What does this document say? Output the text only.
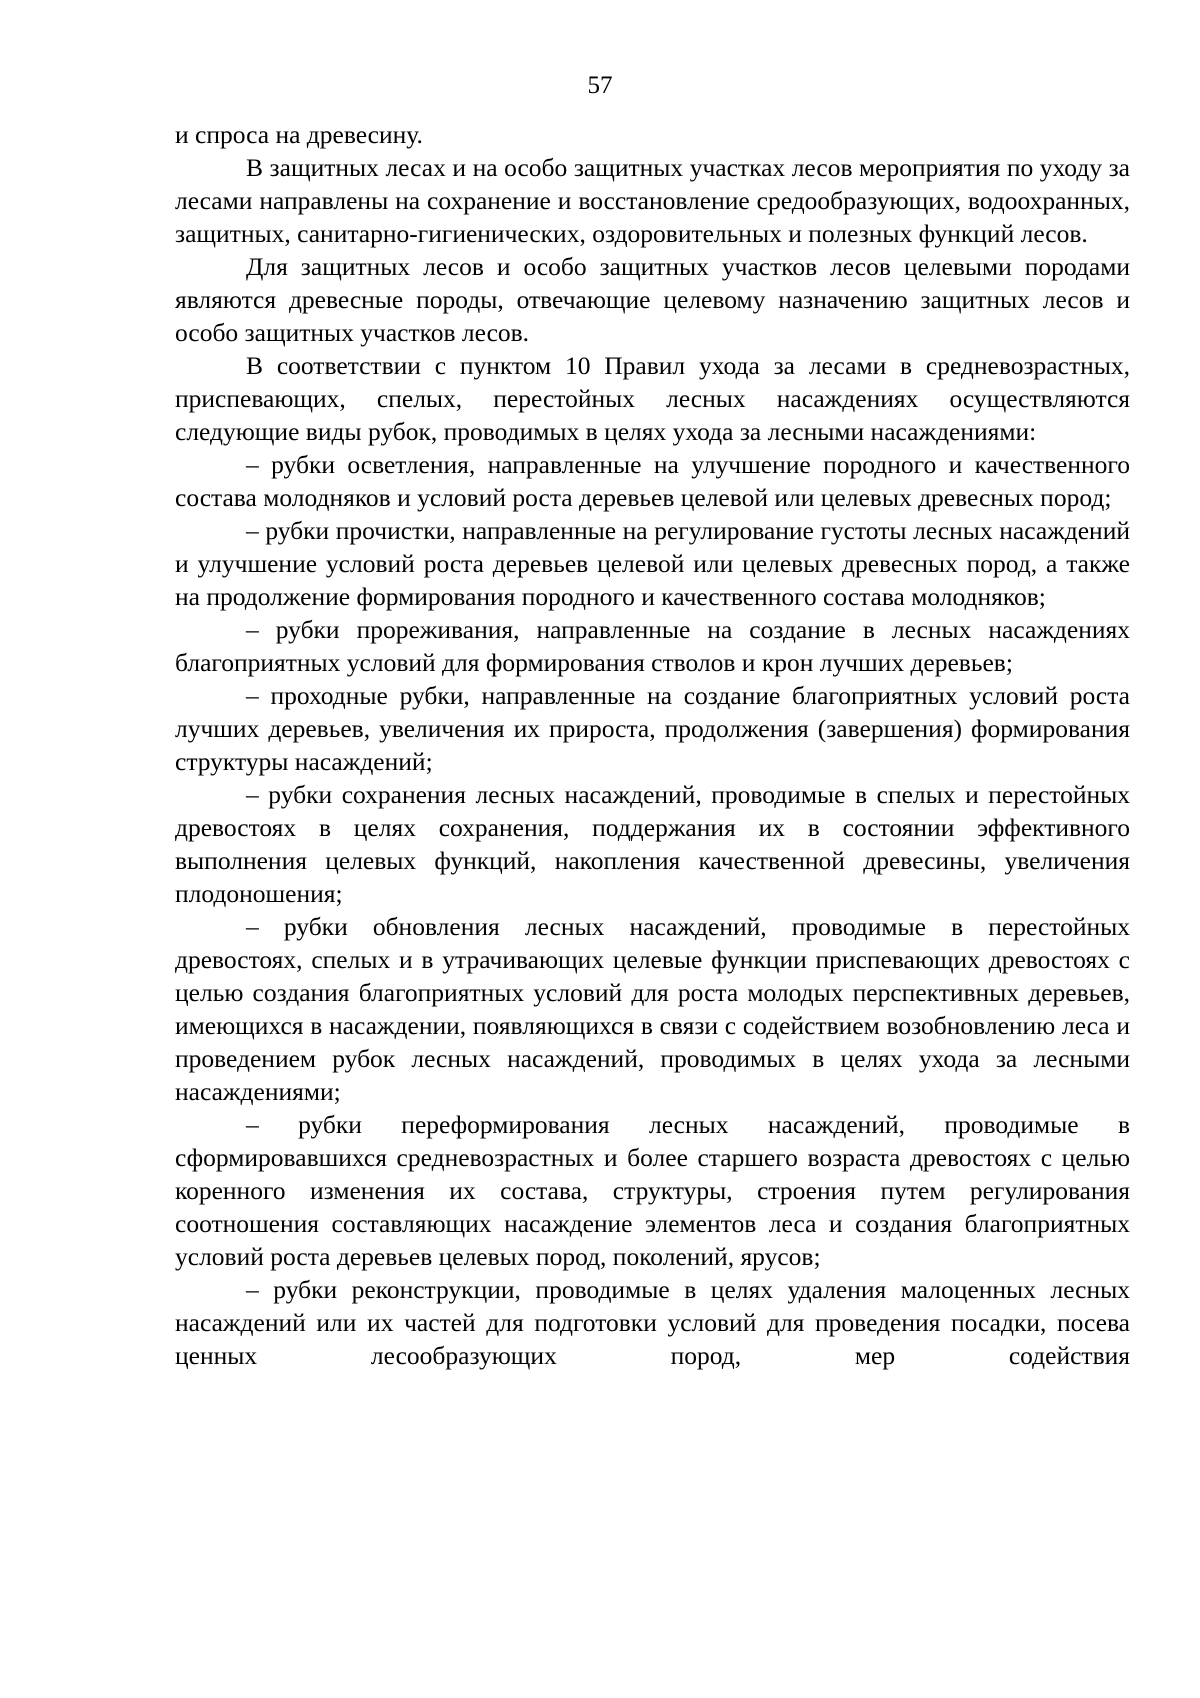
57

и спроса на древесину.

В защитных лесах и на особо защитных участках лесов мероприятия по уходу за лесами направлены на сохранение и восстановление средообразующих, водоохранных, защитных, санитарно-гигиенических, оздоровительных и полезных функций лесов.

Для защитных лесов и особо защитных участков лесов целевыми породами являются древесные породы, отвечающие целевому назначению защитных лесов и особо защитных участков лесов.

В соответствии с пунктом 10 Правил ухода за лесами в средневозрастных, приспевающих, спелых, перестойных лесных насаждениях осуществляются следующие виды рубок, проводимых в целях ухода за лесными насаждениями:

– рубки осветления, направленные на улучшение породного и качественного состава молодняков и условий роста деревьев целевой или целевых древесных пород;

– рубки прочистки, направленные на регулирование густоты лесных насаждений и улучшение условий роста деревьев целевой или целевых древесных пород, а также на продолжение формирования породного и качественного состава молодняков;

– рубки прореживания, направленные на создание в лесных насаждениях благоприятных условий для формирования стволов и крон лучших деревьев;

– проходные рубки, направленные на создание благоприятных условий роста лучших деревьев, увеличения их прироста, продолжения (завершения) формирования структуры насаждений;

– рубки сохранения лесных насаждений, проводимые в спелых и перестойных древостоях в целях сохранения, поддержания их в состоянии эффективного выполнения целевых функций, накопления качественной древесины, увеличения плодоношения;

– рубки обновления лесных насаждений, проводимые в перестойных древостоях, спелых и в утрачивающих целевые функции приспевающих древостоях с целью создания благоприятных условий для роста молодых перспективных деревьев, имеющихся в насаждении, появляющихся в связи с содействием возобновлению леса и проведением рубок лесных насаждений, проводимых в целях ухода за лесными насаждениями;

– рубки переформирования лесных насаждений, проводимые в сформировавшихся средневозрастных и более старшего возраста древостоях с целью коренного изменения их состава, структуры, строения путем регулирования соотношения составляющих насаждение элементов леса и создания благоприятных условий роста деревьев целевых пород, поколений, ярусов;

– рубки реконструкции, проводимые в целях удаления малоценных лесных насаждений или их частей для подготовки условий для проведения посадки, посева ценных лесообразующих пород, мер содействия
